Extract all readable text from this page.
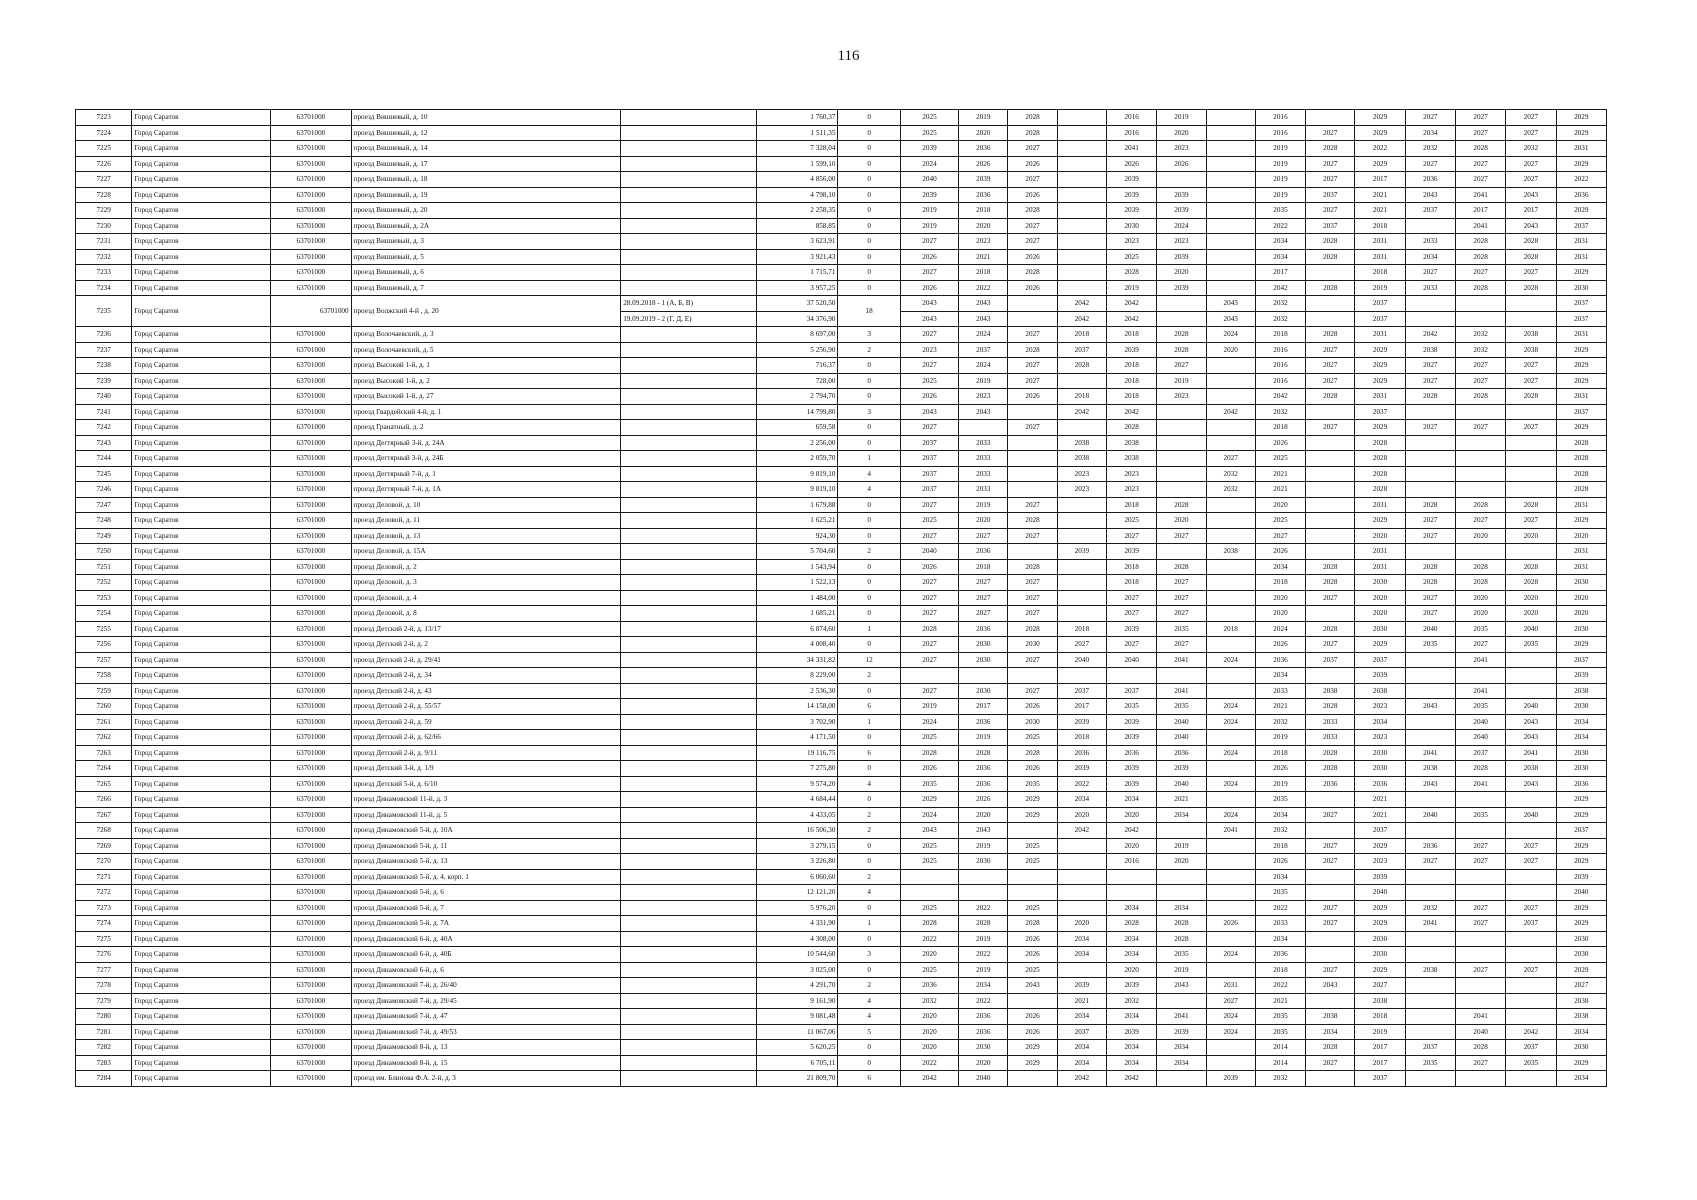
116
7223	Город Саратов	63701000	проезд Вишневый, д. 10		1 760,37	0	2025	2019	2028		2016	2019		2016		2029	2027	2027	2027	2029
7224	Город Саратов	63701000	проезд Вишневый, д. 12		1 511,35	0	2025	2020	2028		2016	2020		2016	2027	2029	2034	2027	2027	2029
7225	Город Саратов	63701000	проезд Вишневый, д. 14		7 328,04	0	2039	2036	2027		2041	2023		2019	2028	2022	2032	2028	2032	2031
7226	Город Саратов	63701000	проезд Вишневый, д. 17		1 599,10	0	2024	2026	2026		2026	2026		2019	2027	2029	2027	2027	2027	2029
7227	Город Саратов	63701000	проезд Вишневый, д. 18		4 856,00	0	2040	2039	2027		2039			2019	2027	2017	2036	2027	2027	2022
7228	Город Саратов	63701000	проезд Вишневый, д. 19		4 798,10	0	2039	2036	2026		2039	2039		2019	2037	2021	2043	2041	2043	2036
7229	Город Саратов	63701000	проезд Вишневый, д. 20		2 258,35	0	2019	2018	2028		2039	2039		2035	2027	2021	2037	2017	2017	2029
7230	Город Саратов	63701000	проезд Вишневый, д. 2А		858,85	0	2019	2020	2027		2030	2024		2022	2037	2018		2041	2043	2037
7231	Город Саратов	63701000	проезд Вишневый, д. 3		3 623,91	0	2027	2023	2027		2023	2023		2034	2028	2031	2033	2028	2028	2031
7232	Город Саратов	63701000	проезд Вишневый, д. 5		3 921,43	0	2026	2021	2026		2025	2039		2034	2028	2031	2034	2028	2028	2031
7233	Город Саратов	63701000	проезд Вишневый, д. 6		1 715,71	0	2027	2018	2028		2028	2020		2017		2018	2027	2027	2027	2029
7234	Город Саратов	63701000	проезд Вишневый, д. 7		3 957,25	0	2026	2022	2026		2019	2039		2042	2028	2019	2033	2028	2028	2030
7235	Город Саратов	63701000	проезд Волжский 4-й , д. 20	28.09.2018 - 1 (А, Б, В)	37 520,50	18	2043	2043		2042	2042		2043	2032		2037				2037
				19.09.2019 - 2 (Г, Д, Е)	34 376,90		2043	2043		2042	2042		2043	2032		2037				2037
7236	Город Саратов	63701000	проезд Волочаевский, д. 3		8 697,00	3	2027	2024	2027	2018	2018	2028	2024	2018	2028	2031	2042	2032	2038	2031
7237	Город Саратов	63701000	проезд Волочаевский, д. 5		5 256,90	2	2023	2037	2028	2037	2039	2028	2020	2016	2027	2029	2038	2032	2038	2029
7238	Город Саратов	63701000	проезд Высокий 1-й, д. 1		716,37	0	2027	2024	2027	2028	2018	2027		2016	2027	2029	2027	2027	2027	2029
7239	Город Саратов	63701000	проезд Высокий 1-й, д. 2		728,00	0	2025	2019	2027		2018	2019		2016	2027	2029	2027	2027	2027	2029
7240	Город Саратов	63701000	проезд Высокий 1-й, д. 27		2 794,70	0	2026	2023	2026	2018	2018	2023		2042	2028	2031	2028	2028	2028	2031
7241	Город Саратов	63701000	проезд Гвардейский 4-й, д. 1		14 799,80	3	2043	2043		2042	2042		2042	2032		2037				2037
7242	Город Саратов	63701000	проезд Гранатный, д. 2		659,58	0	2027		2027		2028			2018	2027	2029	2027	2027	2027	2029
7243	Город Саратов	63701000	проезд Дегтярный 3-й, д. 24А		2 256,00	0	2037	2033		2038	2038			2026		2028				2028
7244	Город Саратов	63701000	проезд Дегтярный 3-й, д. 24Б		2 059,70	1	2037	2033		2038	2038		2027	2025		2028				2028
7245	Город Саратов	63701000	проезд Дегтярный 7-й, д. 1		9 819,10	4	2037	2033		2023	2023		2032	2021		2028				2028
7246	Город Саратов	63701000	проезд Дегтярный 7-й, д. 1А		9 819,10	4	2037	2033		2023	2023		2032	2021		2028				2028
7247	Город Саратов	63701000	проезд Деловой, д. 10		1 679,88	0	2027	2019	2027		2018	2028		2020		2031	2028	2028	2028	2031
7248	Город Саратов	63701000	проезд Деловой, д. 11		1 625,21	0	2025	2020	2028		2025	2020		2025		2029	2027	2027	2027	2029
7249	Город Саратов	63701000	проезд Деловой, д. 13		924,30	0	2027	2027	2027		2027	2027		2027		2020	2027	2020	2020	2020
7250	Город Саратов	63701000	проезд Деловой, д. 15А		5 704,60	2	2040	2036		2039	2039		2038	2026		2031				2031
7251	Город Саратов	63701000	проезд Деловой, д. 2		1 543,94	0	2026	2018	2028		2018	2028		2034	2028	2031	2028	2028	2028	2031
7252	Город Саратов	63701000	проезд Деловой, д. 3		1 522,13	0	2027	2027	2027		2018	2027		2018	2028	2030	2028	2028	2028	2030
7253	Город Саратов	63701000	проезд Деловой, д. 4		1 484,00	0	2027	2027	2027		2027	2027		2020	2027	2020	2027	2020	2020	2020
7254	Город Саратов	63701000	проезд Деловой, д. 8		1 685,21	0	2027	2027	2027		2027	2027		2020		2020	2027	2020	2020	2020
7255	Город Саратов	63701000	проезд Детский 2-й, д. 13/17		6 874,60	1	2028	2036	2028	2018	2039	2035	2018	2024	2028	2030	2040	2035	2040	2030
7256	Город Саратов	63701000	проезд Детский 2-й, д. 2		4 008,40	0	2027	2030	2030	2027	2027	2027		2026	2027	2029	2035	2027	2035	2029
7257	Город Саратов	63701000	проезд Детский 2-й, д. 29/41		34 331,82	12	2027	2030	2027	2040	2040	2041	2024	2036	2037	2037		2041		2037
7258	Город Саратов	63701000	проезд Детский 2-й, д. 34		8 229,00	2								2034		2039				2039
7259	Город Саратов	63701000	проезд Детский 2-й, д. 43		2 536,30	0	2027	2030	2027	2037	2037	2041		2033	2038	2038		2041		2038
7260	Город Саратов	63701000	проезд Детский 2-й, д. 55/57		14 158,00	6	2019	2017	2026	2017	2035	2035	2024	2021	2028	2023	2043	2035	2040	2030
7261	Город Саратов	63701000	проезд Детский 2-й, д. 59		3 702,90	1	2024	2036	2030	2039	2039	2040	2024	2032	2033	2034		2040	2043	2034
7262	Город Саратов	63701000	проезд Детский 2-й, д. 62/66		4 171,50	0	2025	2019	2025	2018	2039	2040		2019	2033	2023		2040	2043	2034
7263	Город Саратов	63701000	проезд Детский 2-й, д. 9/11		19 116,75	6	2028	2028	2028	2036	2036	2036	2024	2018	2028	2030	2041	2037	2041	2030
7264	Город Саратов	63701000	проезд Детский 3-й, д. 1/9		7 275,80	0	2026	2036	2026	2039	2039	2039		2026	2028	2030	2038	2028	2038	2030
7265	Город Саратов	63701000	проезд Детский 5-й, д. 6/10		9 574,20	4	2035	2036	2035	2022	2039	2040	2024	2019	2036	2036	2043	2041	2043	2036
7266	Город Саратов	63701000	проезд Динамовский 11-й, д. 3		4 684,44	0	2029	2026	2029	2034	2034	2021		2035		2021				2029
7267	Город Саратов	63701000	проезд Динамовский 11-й, д. 5		4 433,05	2	2024	2020	2029	2020	2020	2034	2024	2034	2027	2021	2040	2035	2040	2029
7268	Город Саратов	63701000	проезд Динамовский 5-й, д. 10А		16 506,30	2	2043	2043		2042	2042		2041	2032		2037				2037
7269	Город Саратов	63701000	проезд Динамовский 5-й, д. 11		3 279,15	0	2025	2019	2025		2020	2019		2018	2027	2029	2036	2027	2027	2029
7270	Город Саратов	63701000	проезд Динамовский 5-й, д. 13		3 226,80	0	2025	2030	2025		2016	2020		2026	2027	2023	2027	2027	2027	2029
7271	Город Саратов	63701000	проезд Динамовский 5-й, д. 4, корп. 1		6 060,60	2								2034		2039				2039
7272	Город Саратов	63701000	проезд Динамовский 5-й, д. 6		12 121,20	4								2035		2040				2040
7273	Город Саратов	63701000	проезд Динамовский 5-й, д. 7		5 976,20	0	2025	2022	2025		2034	2034		2022	2027	2029	2032	2027	2027	2029
7274	Город Саратов	63701000	проезд Динамовский 5-й, д. 7А		4 331,90	1	2028	2028	2028	2020	2028	2028	2026	2033	2027	2029	2041	2027	2037	2029
7275	Город Саратов	63701000	проезд Динамовский 6-й, д. 40А		4 308,00	0	2022	2019	2026	2034	2034	2028		2034		2030				2030
7276	Город Саратов	63701000	проезд Динамовский 6-й, д. 40Б		10 544,60	3	2020	2022	2026	2034	2034	2035	2024	2036		2030				2030
7277	Город Саратов	63701000	проезд Динамовский 6-й, д. 6		3 025,00	0	2025	2019	2025		2020	2019		2018	2027	2029	2038	2027	2027	2029
7278	Город Саратов	63701000	проезд Динамовский 7-й, д. 26/40		4 291,70	2	2036	2034	2043	2039	2039	2043	2031	2022	2043	2027				2027
7279	Город Саратов	63701000	проезд Динамовский 7-й, д. 29/45		9 161,90	4	2032	2022		2021	2032		2027	2021		2038				2038
7280	Город Саратов	63701000	проезд Динамовский 7-й, д. 47		9 081,48	4	2020	2036	2026	2034	2034	2041	2024	2035	2038	2018		2041		2038
7281	Город Саратов	63701000	проезд Динамовский 7-й, д. 49/53		11 067,06	5	2020	2036	2026	2037	2039	2039	2024	2035	2034	2019		2040	2042	2034
7282	Город Саратов	63701000	проезд Динамовский 8-й, д. 13		5 620,25	0	2020	2030	2029	2034	2034	2034		2014	2028	2017	2037	2028	2037	2030
7283	Город Саратов	63701000	проезд Динамовский 8-й, д. 15		6 705,11	0	2022	2020	2029	2034	2034	2034		2014	2027	2017	2035	2027	2035	2029
7284	Город Саратов	63701000	проезд им. Блинова Ф.А. 2-й, д. 3		21 809,70	6	2042	2040		2042	2042		2039	2032		2037				2034
